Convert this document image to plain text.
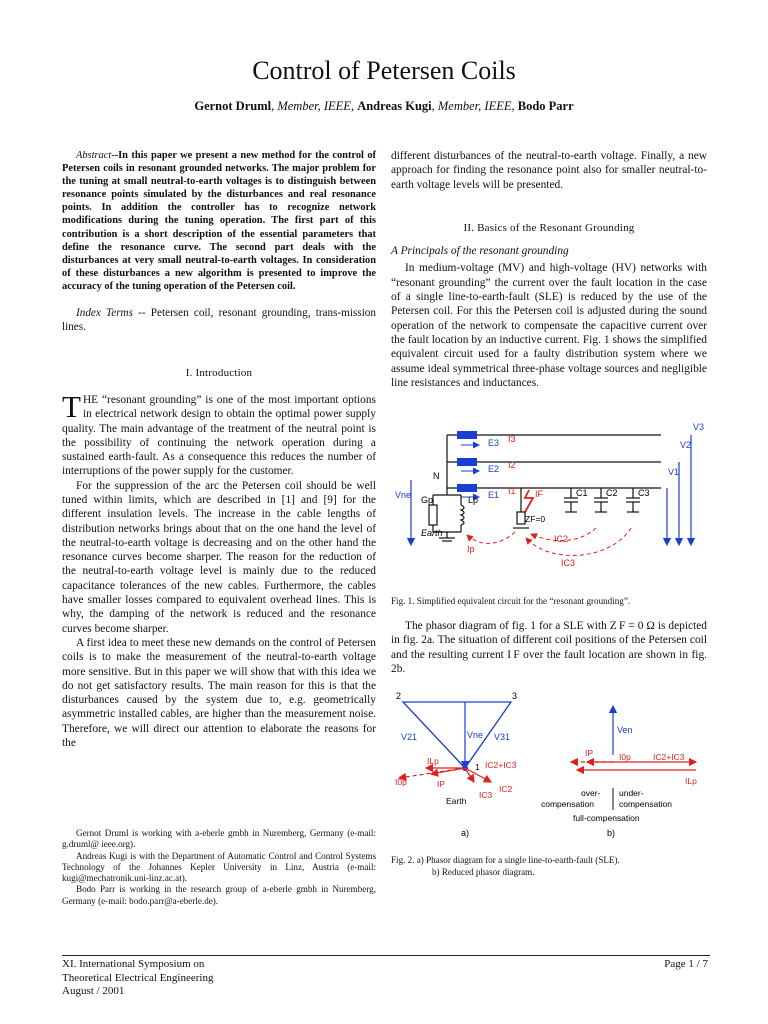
Control of Petersen Coils
Gernot Druml, Member, IEEE, Andreas Kugi, Member, IEEE, Bodo Parr

Abstract--In this paper we present a new method for the control of Petersen coils in resonant grounded networks. The major problem for the tuning at small neutral-to-earth voltages is to distinguish between resonance points simulated by the disturbances and real resonance points. In addition the controller has to recognize network modifications during the tuning operation. The first part of this contribution is a short description of the essential parameters that define the resonance curve. The second part deals with the disturbances at very small neutral-to-earth voltages. In consideration of these disturbances a new algorithm is presented to improve the accuracy of the tuning operation of the Petersen coil.

Index Terms -- Petersen coil, resonant grounding, trans-mission lines.

I. Introduction

THE “resonant grounding” is one of the most important options in electrical network design to obtain the optimal power supply quality. The main advantage of the treatment of the neutral point is the possibility of continuing the network operation during a sustained earth-fault. As a consequence this reduces the number of interruptions of the power supply for the customer.

For the suppression of the arc the Petersen coil should be well tuned within limits, which are described in [1] and [9] for the different insulation levels. The increase in the cable lengths of distribution networks brings about that on the one hand the level of the neutral-to-earth voltage is decreasing and on the other hand the resonance curves become sharper. The reason for the reduction of the neutral-to-earth voltage level is mainly due to the reduced capacitance tolerances of the new cables. Furthermore, the cables have smaller losses compared to equivalent overhead lines. This is why, the damping of the network is reduced and the resonance curves become sharper.

A first idea to meet these new demands on the control of Petersen coils is to make the measurement of the neutral-to-earth voltage more sensitive. But in this paper we will show that with this idea we do not get satisfactory results. The main reason for this is that the disturbances caused by the system due to, e.g. geometrically asymmetric installed cables, are higher than the measurement noise. Therefore, we will direct our attention to elaborate the reasons for the

Gernot Druml is working with a-eberle gmbh in Nuremberg, Germany (e-mail: g.druml@ ieee.org).

Andreas Kugi is with the Department of Automatic Control and Control Systems Technology of the Johannes Kepler University in Linz, Austria (e-mail: kugi@mechatronik.uni-linz.ac.at).

Bodo Parr is working in the research group of a-eberle gmbh in Nuremberg, Germany (e-mail: bodo.parr@a-eberle.de).

different disturbances of the neutral-to-earth voltage. Finally, a new approach for finding the resonance point also for smaller neutral-to-earth voltage levels will be presented.

II. Basics of the Resonant Grounding

A Principals of the resonant grounding

In medium-voltage (MV) and high-voltage (HV) networks with “resonant grounding” the current over the fault location in the case of a single line-to-earth-fault (SLE) is reduced by the use of the Petersen coil. For this the Petersen coil is adjusted during the sound operation of the network to compensate the capacitive current over the fault location by an inductive current. Fig. 1 shows the simplified equivalent circuit used for a faulty distribution system where we assume ideal symmetrical three-phase voltage sources and negligible line resistances and inductances.

E3
E2
E1
I3
I2
I1
N
Gp	Lp
Earth
Vne	IF
ZF=0
C1 C2 C3
IC2
IC3
Ip
V3
V2
V1
Fig. 1. Simplified equivalent circuit for the “resonant grounding”.

The phasor diagram of fig. 1 for a SLE with Z F = 0 Ω is depicted in fig. 2a. The situation of different coil positions of the Petersen coil and the resulting current I F over the fault location are shown in fig. 2b.

2	3
1
V21	Vne V31
ILp	IC2+IC3
I0p	IP
IC3
IC2
Earth
a)
Ven
IP	I0p	IC2+IC3
ILp
over-
compensation
under-
compensation
full-compensation
b)
Fig. 2. a) Phasor diagram for a single line-to-earth-fault (SLE).
b) Reduced phasor diagram.
XI. International Symposium on
Theoretical Electrical Engineering
August / 2001
Page 1 / 7
